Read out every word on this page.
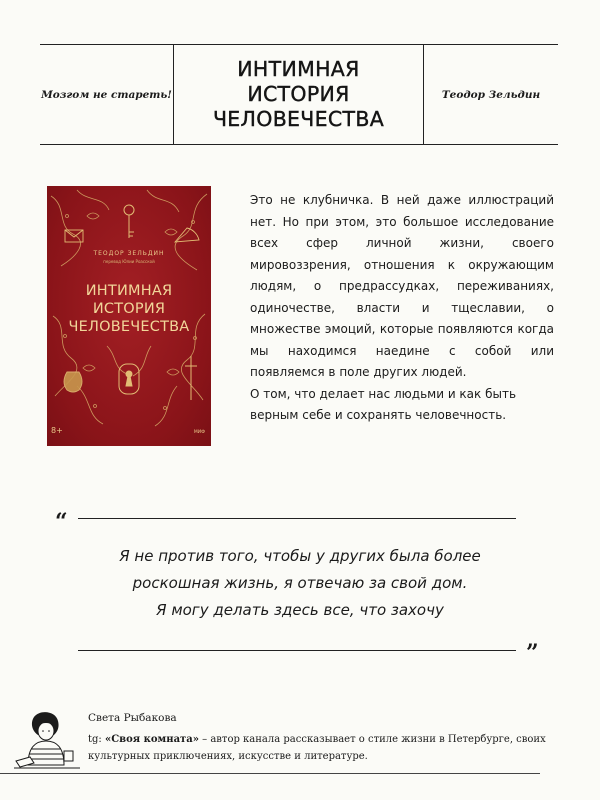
Мозгом не стареть!
ИНТИМНАЯ
ИСТОРИЯ
ЧЕЛОВЕЧЕСТВА
Теодор Зельдин
ТЕОДОР ЗЕЛЬДИН
перевод Юлии Роасской
ИНТИМНАЯ
ИСТОРИЯ
ЧЕЛОВЕЧЕСТВА
8+	МИФ

Это не клубничка. В ней даже иллюстраций нет. Но при этом, это большое исследование всех сфер личной жизни, своего мировоззрения, отношения к окружающим людям, о предрассудках, переживаниях, одиночестве, власти и тщеславии, о множестве эмоций, которые появляются когда мы находимся наедине с собой или появляемся в поле других людей.

О том, что делает нас людьми и как быть верным себе и сохранять человечность.

“
Я не против того, чтобы у других была более
роскошная жизнь, я отвечаю за свой дом.
Я могу делать здесь все, что захочу
”
Света Рыбакова
tg: «Своя комната» – автор канала рассказывает о стиле жизни в Петербурге, своих культурных приключениях, искусстве и литературе.
